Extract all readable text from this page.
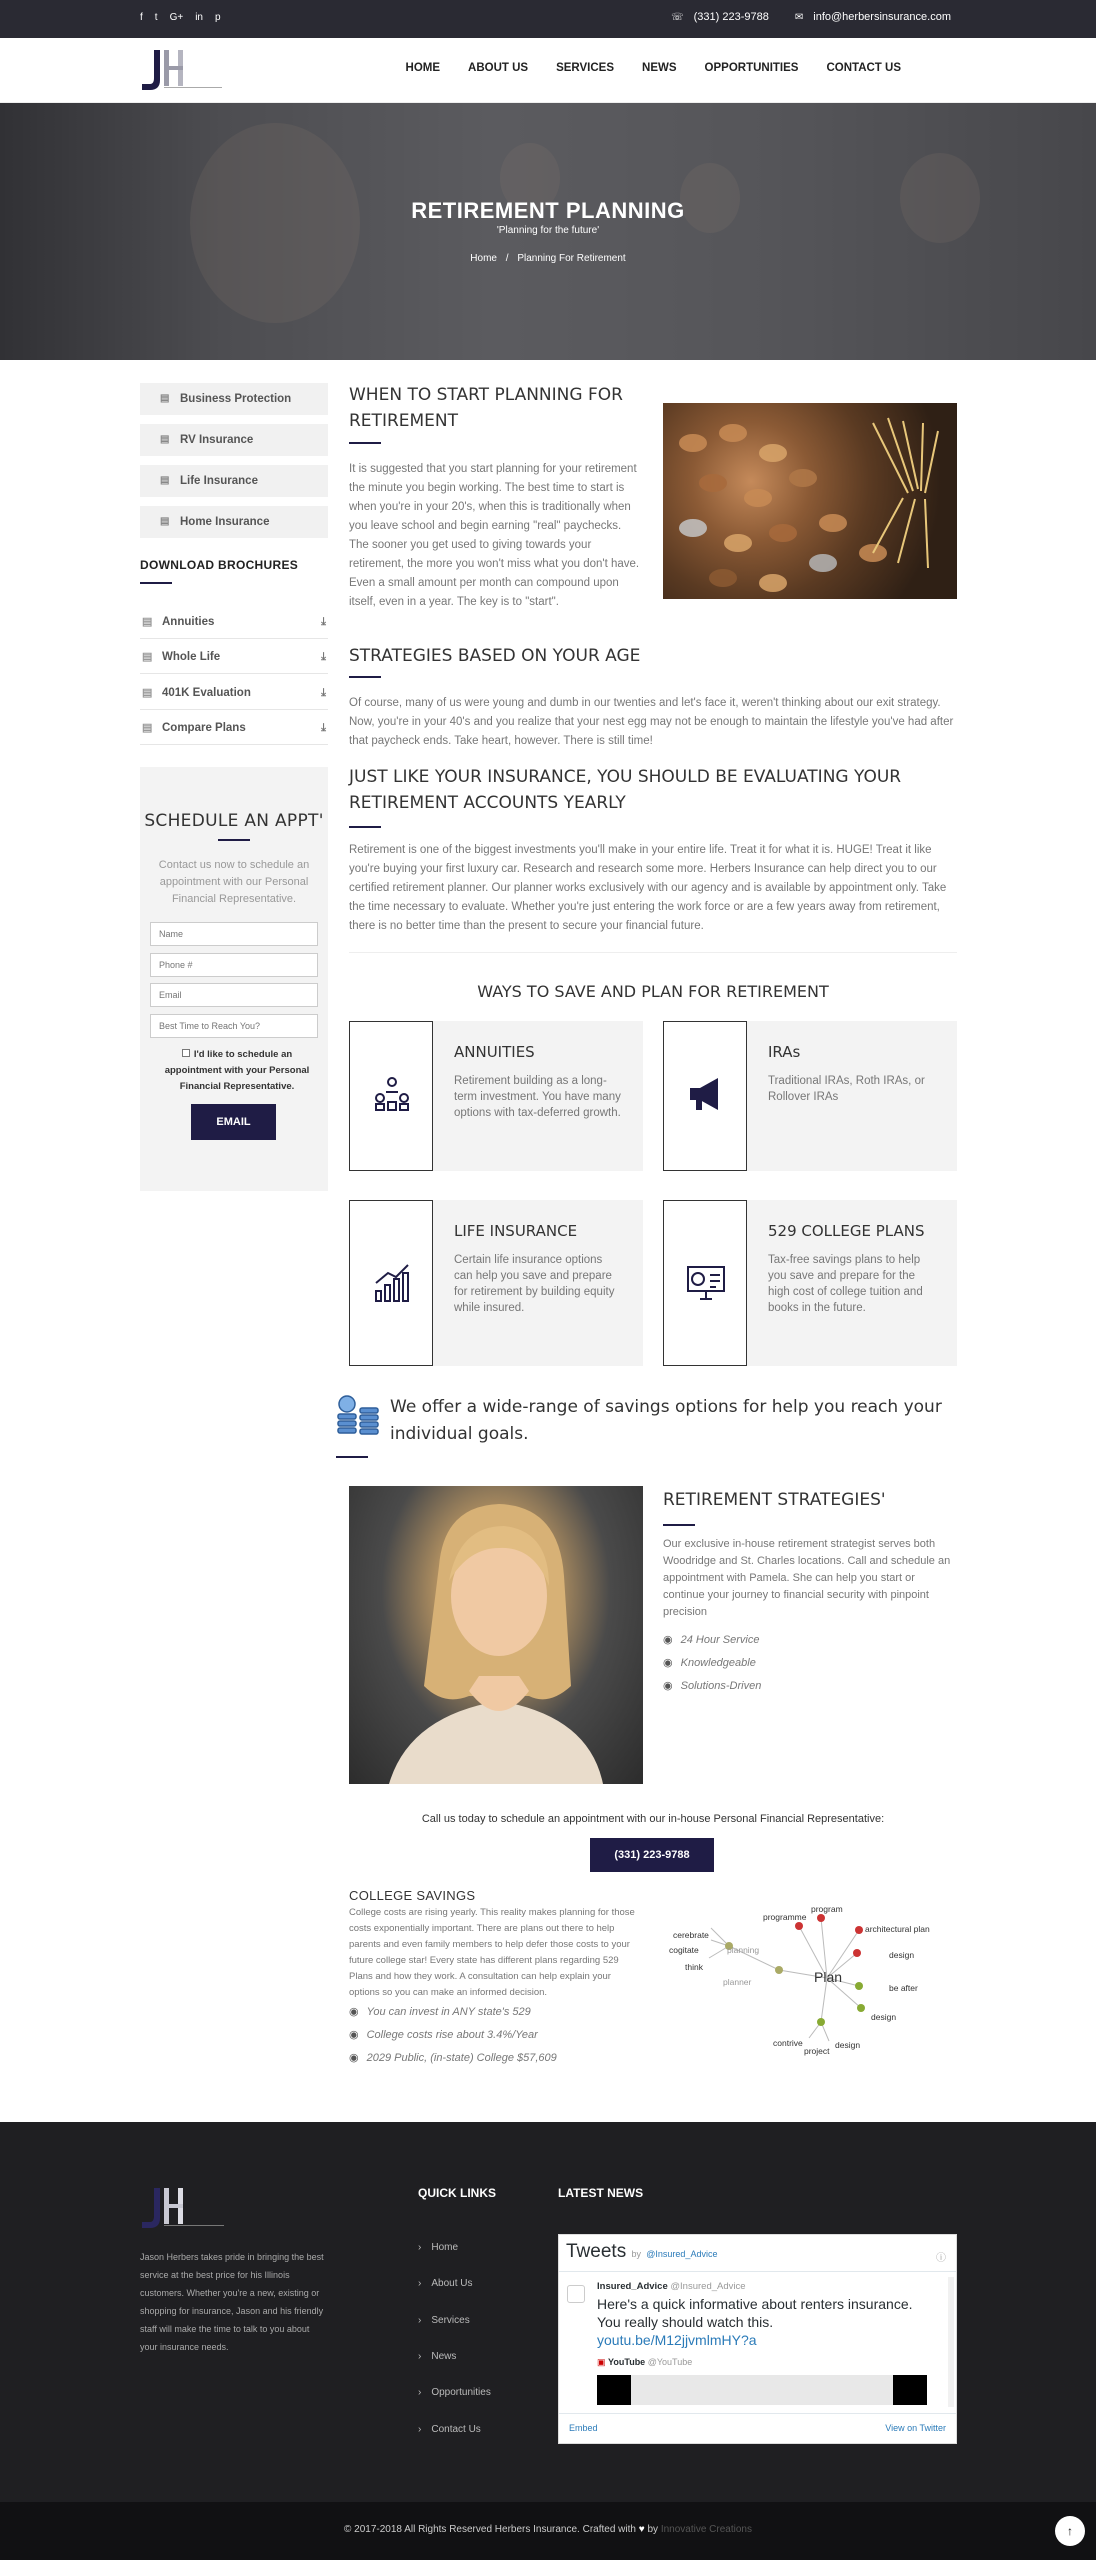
f t G+ in p	☏ (331) 223-9788	✉ info@herbersinsurance.com
HOME ABOUT US SERVICES NEWS OPPORTUNITIES CONTACT US
RETIREMENT PLANNING
'Planning for the future'
Home / Planning For Retirement
▤ Business Protection
▤ RV Insurance
▤ Life Insurance
▤ Home Insurance
DOWNLOAD BROCHURES
▤ Annuities	⤓
▤ Whole Life	⤓
▤ 401K Evaluation	⤓
▤ Compare Plans	⤓
SCHEDULE AN APPT'
Contact us now to schedule an appointment with our Personal Financial Representative.
Name
Phone #
Email
Best Time to Reach You?
I'd like to schedule an appointment with your Personal Financial Representative.
EMAIL
WHEN TO START PLANNING FOR RETIREMENT

It is suggested that you start planning for your retirement the minute you begin working. The best time to start is when you're in your 20's, when this is traditionally when you leave school and begin earning "real" paychecks. The sooner you get used to giving towards your retirement, the more you won't miss what you don't have. Even a small amount per month can compound upon itself, even in a year. The key is to "start".

STRATEGIES BASED ON YOUR AGE

Of course, many of us were young and dumb in our twenties and let's face it, weren't thinking about our exit strategy. Now, you're in your 40's and you realize that your nest egg may not be enough to maintain the lifestyle you've had after that paycheck ends. Take heart, however. There is still time!

JUST LIKE YOUR INSURANCE, YOU SHOULD BE EVALUATING YOUR RETIREMENT ACCOUNTS YEARLY

Retirement is one of the biggest investments you'll make in your entire life. Treat it for what it is. HUGE! Treat it like you're buying your first luxury car. Research and research some more. Herbers Insurance can help direct you to our certified retirement planner. Our planner works exclusively with our agency and is available by appointment only. Take the time necessary to evaluate. Whether you're just entering the work force or are a few years away from retirement, there is no better time than the present to secure your financial future.

WAYS TO SAVE AND PLAN FOR RETIREMENT
ANNUITIES
Retirement building as a long-term investment. You have many options with tax-deferred growth.
IRAs
Traditional IRAs, Roth IRAs, or Rollover IRAs
LIFE INSURANCE
Certain life insurance options can help you save and prepare for retirement by building equity while insured.
529 COLLEGE PLANS
Tax-free savings plans to help you save and prepare for the high cost of college tuition and books in the future.
We offer a wide-range of savings options for help you reach your individual goals.
RETIREMENT STRATEGIES'

Our exclusive in-house retirement strategist serves both Woodridge and St. Charles locations. Call and schedule an appointment with Pamela. She can help you start or continue your journey to financial security with pinpoint precision

◉ 24 Hour Service
◉ Knowledgeable
◉ Solutions-Driven
Call us today to schedule an appointment with our in-house Personal Financial Representative:
(331) 223-9788
COLLEGE SAVINGS
College costs are rising yearly. This reality makes planning for those costs exponentially important. There are plans out there to help parents and even family members to help defer those costs to your future college star! Every state has different plans regarding 529 Plans and how they work. A consultation can help explain your options so you can make an informed decision.
◉ You can invest in ANY state's 529
◉ College costs rise about 3.4%/Year
◉ 2029 Public, (in-state) College $57,609
programme
program
cerebrate
cogitate	planning
architectural plan
think
design
Plan
planner
be after
design
contrive
project
design
Jason Herbers takes pride in bringing the best service at the best price for his Illinois customers. Whether you're a new, existing or shopping for insurance, Jason and his friendly staff will make the time to talk to you about your insurance needs.
QUICK LINKS
› Home
› About Us
› Services
› News
› Opportunities
› Contact Us
LATEST NEWS
Tweets by @Insured_Advice	ⓘ
Insured_Advice @Insured_Advice
Here's a quick informative about renters insurance. You really should watch this.
youtu.be/M12jjvmlmHY?a
▣ YouTube @YouTube
Embed	View on Twitter
© 2017-2018 All Rights Reserved Herbers Insurance. Crafted with ♥ by Innovative Creations	↑
